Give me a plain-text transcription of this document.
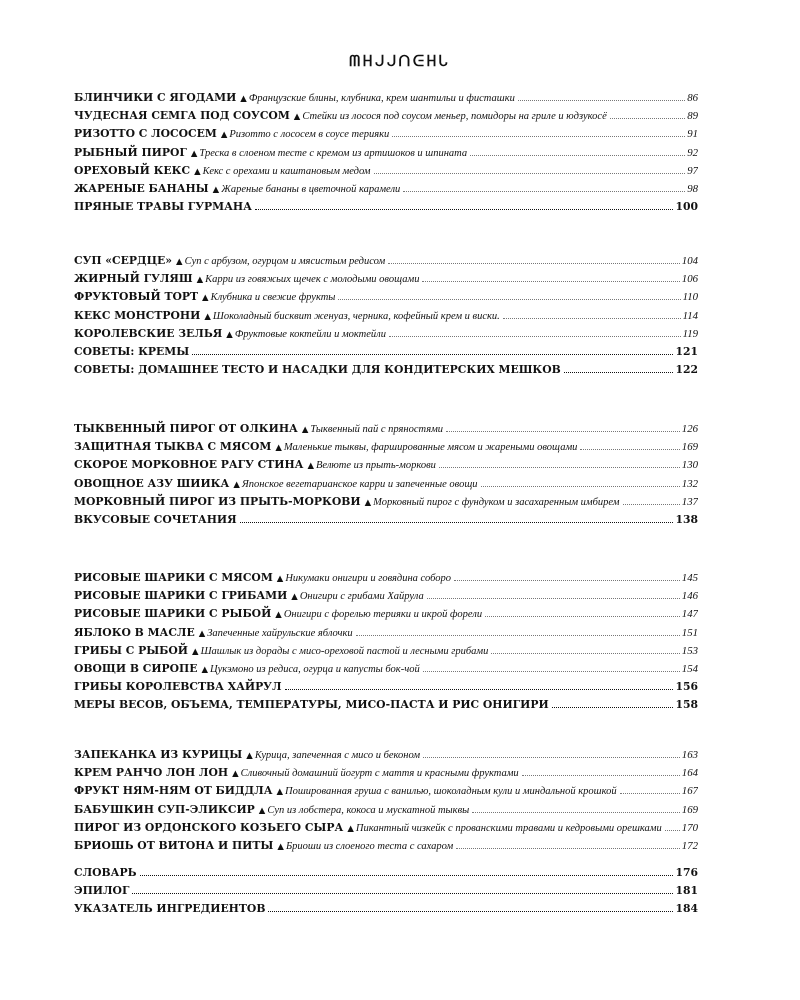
ᗰᕼᒍᒍᑎᕮᕼᒐ
БЛИНЧИКИ С ЯГОДАМИ ▲ Французские блины, клубника, крем шантильи и фисташки	86
ЧУДЕСНАЯ СЕМГА ПОД СОУСОМ ▲ Стейки из лосося под соусом меньер, помидоры на гриле и юдзукосё	89
РИЗОТТО С ЛОСОСЕМ ▲ Ризотто с лососем в соусе терияки	91
РЫБНЫЙ ПИРОГ ▲ Треска в слоеном тесте с кремом из артишоков и шпината	92
ОРЕХОВЫЙ КЕКС ▲ Кекс с орехами и каштановым медом	97
ЖАРЕНЫЕ БАНАНЫ ▲ Жареные бананы в цветочной карамели	98
ПРЯНЫЕ ТРАВЫ ГУРМАНА	100
СУП «СЕРДЦЕ» ▲ Суп с арбузом, огурцом и мясистым редисом	104
ЖИРНЫЙ ГУЛЯШ ▲ Карри из говяжьих щечек с молодыми овощами	106
ФРУКТОВЫЙ ТОРТ ▲ Клубника и свежие фрукты	110
КЕКС МОНСТРОНИ ▲ Шоколадный бисквит женуаз, черника, кофейный крем и виски.	114
КОРОЛЕВСКИЕ ЗЕЛЬЯ ▲ Фруктовые коктейли и моктейли	119
СОВЕТЫ: КРЕМЫ	121
СОВЕТЫ: ДОМАШНЕЕ ТЕСТО И НАСАДКИ ДЛЯ КОНДИТЕРСКИХ МЕШКОВ	122
ТЫКВЕННЫЙ ПИРОГ ОТ ОЛКИНА ▲ Тыквенный пай с пряностями	126
ЗАЩИТНАЯ ТЫКВА С МЯСОМ ▲ Маленькие тыквы, фаршированные мясом и жареными овощами	169
СКОРОЕ МОРКОВНОЕ РАГУ СТИНА ▲ Велюте из прыть-моркови	130
ОВОЩНОЕ АЗУ ШИИКА ▲ Японское вегетарианское карри и запеченные овощи	132
МОРКОВНЫЙ ПИРОГ ИЗ ПРЫТЬ-МОРКОВИ ▲ Морковный пирог с фундуком и засахаренным имбирем	137
ВКУСОВЫЕ СОЧЕТАНИЯ	138
РИСОВЫЕ ШАРИКИ С МЯСОМ ▲ Никумаки онигири и говядина соборо	145
РИСОВЫЕ ШАРИКИ С ГРИБАМИ ▲ Онигири с грибами Хайрула	146
РИСОВЫЕ ШАРИКИ С РЫБОЙ ▲ Онигири с форелью терияки и икрой форели	147
ЯБЛОКО В МАСЛЕ ▲ Запеченные хайрульские яблочки	151
ГРИБЫ С РЫБОЙ ▲ Шашлык из дорады с мисо-ореховой пастой и лесными грибами	153
ОВОЩИ В СИРОПЕ ▲ Цукэмоно из редиса, огурца и капусты бок-чой	154
ГРИБЫ КОРОЛЕВСТВА ХАЙРУЛ	156
МЕРЫ ВЕСОВ, ОБЪЕМА, ТЕМПЕРАТУРЫ, МИСО-ПАСТА И РИС ОНИГИРИ	158
ЗАПЕКАНКА ИЗ КУРИЦЫ ▲ Курица, запеченная с мисо и беконом	163
КРЕМ РАНЧО ЛОН ЛОН ▲ Сливочный домашний йогурт с маття и красными фруктами	164
ФРУКТ НЯМ-НЯМ ОТ БИДДЛА ▲ Пошированная груша с ванилью, шоколадным кули и миндальной крошкой	167
БАБУШКИН СУП-ЭЛИКСИР ▲ Суп из лобстера, кокоса и мускатной тыквы	169
ПИРОГ ИЗ ОРДОНСКОГО КОЗЬЕГО СЫРА ▲ Пикантный чизкейк с прованскими травами и кедровыми орешками 170
БРИОШЬ ОТ ВИТОНА И ПИТЫ ▲ Бриоши из слоеного теста с сахаром	172
СЛОВАРЬ	176
ЭПИЛОГ	181
УКАЗАТЕЛЬ ИНГРЕДИЕНТОВ	184
